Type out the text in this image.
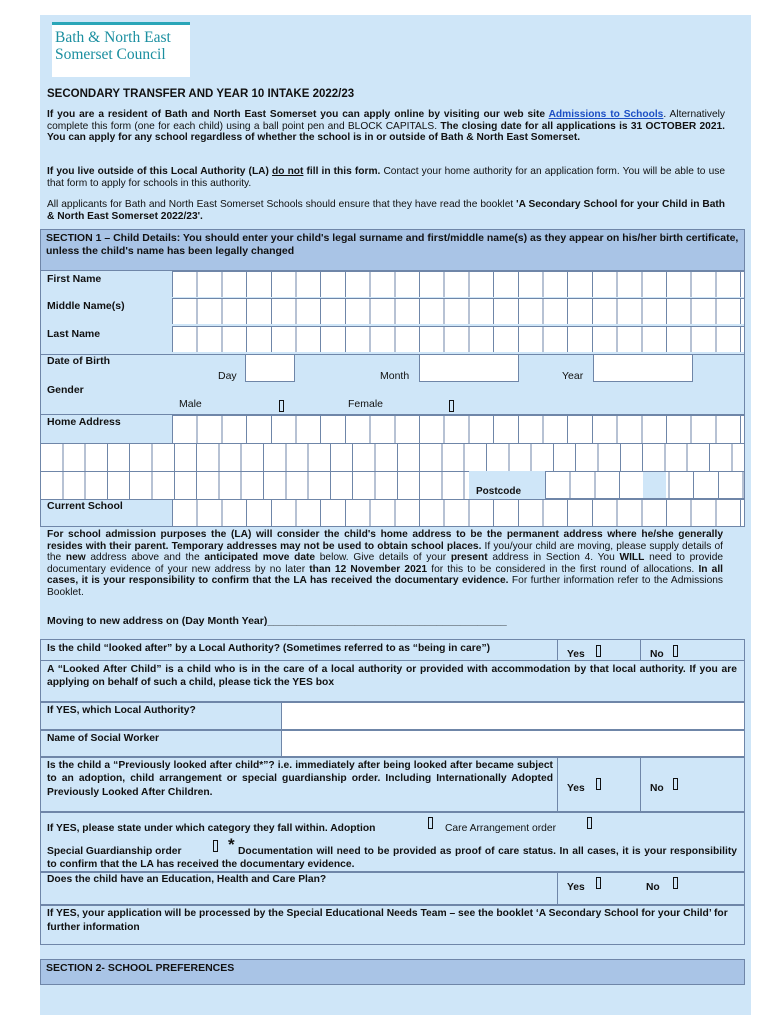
Bath & North East
Somerset Council
SECONDARY TRANSFER AND YEAR 10 INTAKE 2022/23
If you are a resident of Bath and North East Somerset you can apply online by visiting our web site Admissions to Schools. Alternatively complete this form (one for each child) using a ball point pen and BLOCK CAPITALS. The closing date for all applications is 31 OCTOBER 2021. You can apply for any school regardless of whether the school is in or outside of Bath & North East Somerset.
If you live outside of this Local Authority (LA) do not fill in this form. Contact your home authority for an application form. You will be able to use that form to apply for schools in this authority.
All applicants for Bath and North East Somerset Schools should ensure that they have read the booklet 'A Secondary School for your Child in Bath & North East Somerset 2022/23'.
SECTION 1 – Child Details: You should enter your child's legal surname and first/middle name(s) as they appear on his/her birth certificate, unless the child's name has been legally changed
First Name
Middle Name(s)
Last Name
Date of Birth
Day	Month	Year
Gender
Male	Female
Home Address
Postcode
Current School
For school admission purposes the (LA) will consider the child's home address to be the permanent address where he/she generally resides with their parent. Temporary addresses may not be used to obtain school places. If you/your child are moving, please supply details of the new address above and the anticipated move date below. Give details of your present address in Section 4. You WILL need to provide documentary evidence of your new address by no later than 12 November 2021 for this to be considered in the first round of allocations. In all cases, it is your responsibility to confirm that the LA has received the documentary evidence. For further information refer to the Admissions Booklet.
Moving to new address on (Day Month Year)_________________________________________
Is the child “looked after” by a Local Authority? (Sometimes referred to as “being in care”)
Yes	No
A “Looked After Child” is a child who is in the care of a local authority or provided with accommodation by that local authority. If you are applying on behalf of such a child, please tick the YES box
If YES, which Local Authority?
Name of Social Worker
Is the child a “Previously looked after child*”? i.e. immediately after being looked after became subject to an adoption, child arrangement or special guardianship order. Including Internationally Adopted Previously Looked After Children.	Yes	No
If YES, please state under which category they fall within. Adoption	Care Arrangement order
Special Guardianship order	* Documentation will need to be provided as proof of care status. In all cases, it is your responsibility to confirm that the LA has received the documentary evidence.
Does the child have an Education, Health and Care Plan?
Yes	No
If YES, your application will be processed by the Special Educational Needs Team – see the booklet ‘A Secondary School for your Child’ for further information
SECTION 2- SCHOOL PREFERENCES
